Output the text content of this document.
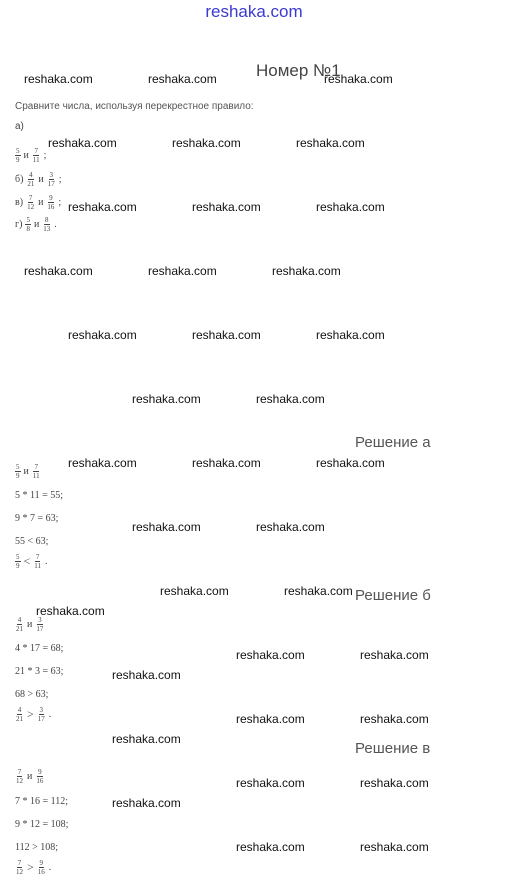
reshaka.com
Номер №1
Сравните числа, используя перекрестное правило:
а)
$\frac{5}{9}$ и $\frac{7}{11}$ ;
$б) \frac{4}{21}$ и $\frac{3}{17}$ ;
$в) \frac{7}{12}$ и $\frac{9}{16}$ ;
$г) \frac{5}{8}$ и $\frac{8}{13}$ .
Решение а
$\frac{5}{9}$ и $\frac{7}{11}$
5 * 11 = 55;
9 * 7 = 63;
55 < 63;
$\frac{5}{9} < \frac{7}{11}$ .
Решение б
$\frac{4}{21}$ и $\frac{3}{17}$
4 * 17 = 68;
21 * 3 = 63;
68 > 63;
$\frac{4}{21} > \frac{3}{17}$ .
Решение в
$\frac{7}{12}$ и $\frac{9}{16}$
7 * 16 = 112;
9 * 12 = 108;
112 > 108;
$\frac{7}{12} > \frac{9}{16}$ .
reshaka.com	reshaka.com	reshaka.com
reshaka.com	reshaka.com	reshaka.com
reshaka.com	reshaka.com	reshaka.com
reshaka.com	reshaka.com	reshaka.com
reshaka.com	reshaka.com	reshaka.com
reshaka.com	reshaka.com
reshaka.com	reshaka.com	reshaka.com
reshaka.com	reshaka.com
reshaka.com	reshaka.com
reshaka.com
reshaka.com	reshaka.com
reshaka.com
reshaka.com	reshaka.com
reshaka.com
reshaka.com	reshaka.com
reshaka.com
reshaka.com	reshaka.com
